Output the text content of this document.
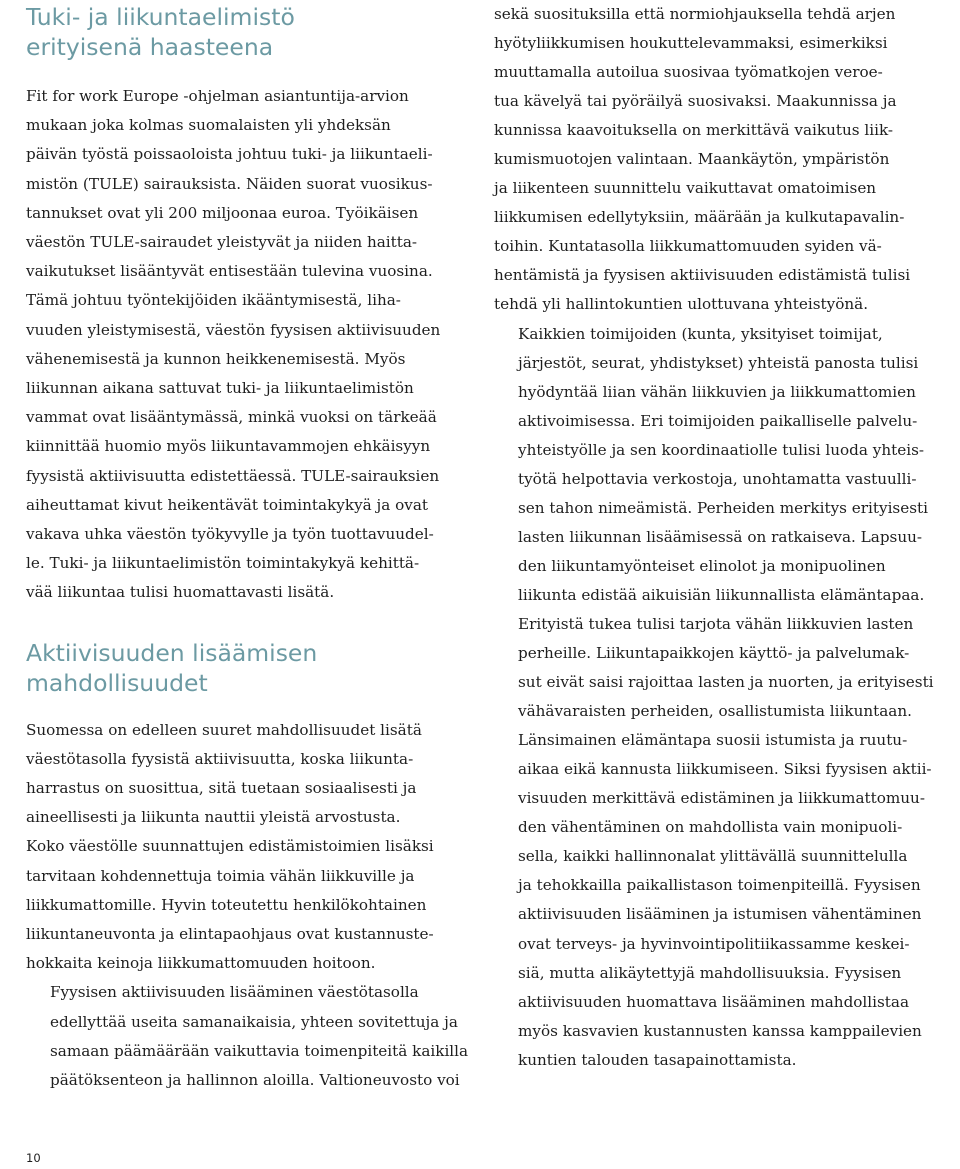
Tuki- ja liikuntaelimistö
erityisenä haasteena

Fit for work Europe -ohjelman asiantuntija-arvion
mukaan joka kolmas suomalaisten yli yhdeksän
päivän työstä poissaoloista johtuu tuki- ja liikuntaeli-
mistön (TULE) sairauksista. Näiden suorat vuosikus-
tannukset ovat yli 200 miljoonaa euroa. Työikäisen
väestön TULE-sairaudet yleistyvät ja niiden haitta-
vaikutukset lisääntyvät entisestään tulevina vuosina.
Tämä johtuu työntekijöiden ikääntymisestä, liha-
vuuden yleistymisestä, väestön fyysisen aktiivisuuden
vähenemisestä ja kunnon heikkenemisestä. Myös
liikunnan aikana sattuvat tuki- ja liikuntaelimistön
vammat ovat lisääntymässä, minkä vuoksi on tärkeää
kiinnittää huomio myös liikuntavammojen ehkäisyyn
fyysistä aktiivisuutta edistettäessä. TULE-sairauksien
aiheuttamat kivut heikentävät toimintakykyä ja ovat
vakava uhka väestön työkyvylle ja työn tuottavuudel-
le. Tuki- ja liikuntaelimistön toimintakykyä kehittä-
vää liikuntaa tulisi huomattavasti lisätä.

Aktiivisuuden lisäämisen
mahdollisuudet

Suomessa on edelleen suuret mahdollisuudet lisätä
väestötasolla fyysistä aktiivisuutta, koska liikunta-
harrastus on suosittua, sitä tuetaan sosiaalisesti ja
aineellisesti ja liikunta nauttii yleistä arvostusta.
Koko väestölle suunnattujen edistämistoimien lisäksi
tarvitaan kohdennettuja toimia vähän liikkuville ja
liikkumattomille. Hyvin toteutettu henkilökohtainen
liikuntaneuvonta ja elintapaohjaus ovat kustannuste-
hokkaita keinoja liikkumattomuuden hoitoon.

Fyysisen aktiivisuuden lisääminen väestötasolla
edellyttää useita samanaikaisia, yhteen sovitettuja ja
samaan päämäärään vaikuttavia toimenpiteitä kaikilla
päätöksenteon ja hallinnon aloilla. Valtioneuvosto voi

sekä suosituksilla että normiohjauksella tehdä arjen
hyötyliikkumisen houkuttelevammaksi, esimerkiksi
muuttamalla autoilua suosivaa työmatkojen veroe-
tua kävelyä tai pyöräilyä suosivaksi. Maakunnissa ja
kunnissa kaavoituksella on merkittävä vaikutus liik-
kumismuotojen valintaan. Maankäytön, ympäristön
ja liikenteen suunnittelu vaikuttavat omatoimisen
liikkumisen edellytyksiin, määrään ja kulkutapavalin-
toihin. Kuntatasolla liikkumattomuuden syiden vä-
hentämistä ja fyysisen aktiivisuuden edistämistä tulisi
tehdä yli hallintokuntien ulottuvana yhteistyönä.

Kaikkien toimijoiden (kunta, yksityiset toimijat,
järjestöt, seurat, yhdistykset) yhteistä panosta tulisi
hyödyntää liian vähän liikkuvien ja liikkumattomien
aktivoimisessa. Eri toimijoiden paikalliselle palvelu-
yhteistyölle ja sen koordinaatiolle tulisi luoda yhteis-
työtä helpottavia verkostoja, unohtamatta vastuulli-
sen tahon nimeämistä. Perheiden merkitys erityisesti
lasten liikunnan lisäämisessä on ratkaiseva. Lapsuu-
den liikuntamyönteiset elinolot ja monipuolinen
liikunta edistää aikuisiän liikunnallista elämäntapaa.
Erityistä tukea tulisi tarjota vähän liikkuvien lasten
perheille. Liikuntapaikkojen käyttö- ja palvelumak-
sut eivät saisi rajoittaa lasten ja nuorten, ja erityisesti
vähävaraisten perheiden, osallistumista liikuntaan.

Länsimainen elämäntapa suosii istumista ja ruutu-
aikaa eikä kannusta liikkumiseen. Siksi fyysisen aktii-
visuuden merkittävä edistäminen ja liikkumattomuu-
den vähentäminen on mahdollista vain monipuoli-
sella, kaikki hallinnonalat ylittävällä suunnittelulla
ja tehokkailla paikallistason toimenpiteillä. Fyysisen
aktiivisuuden lisääminen ja istumisen vähentäminen
ovat terveys- ja hyvinvointipolitiikassamme keskei-
siä, mutta alikäytettyjä mahdollisuuksia. Fyysisen
aktiivisuuden huomattava lisääminen mahdollistaa
myös kasvavien kustannusten kanssa kamppailevien
kuntien talouden tasapainottamista.

10
